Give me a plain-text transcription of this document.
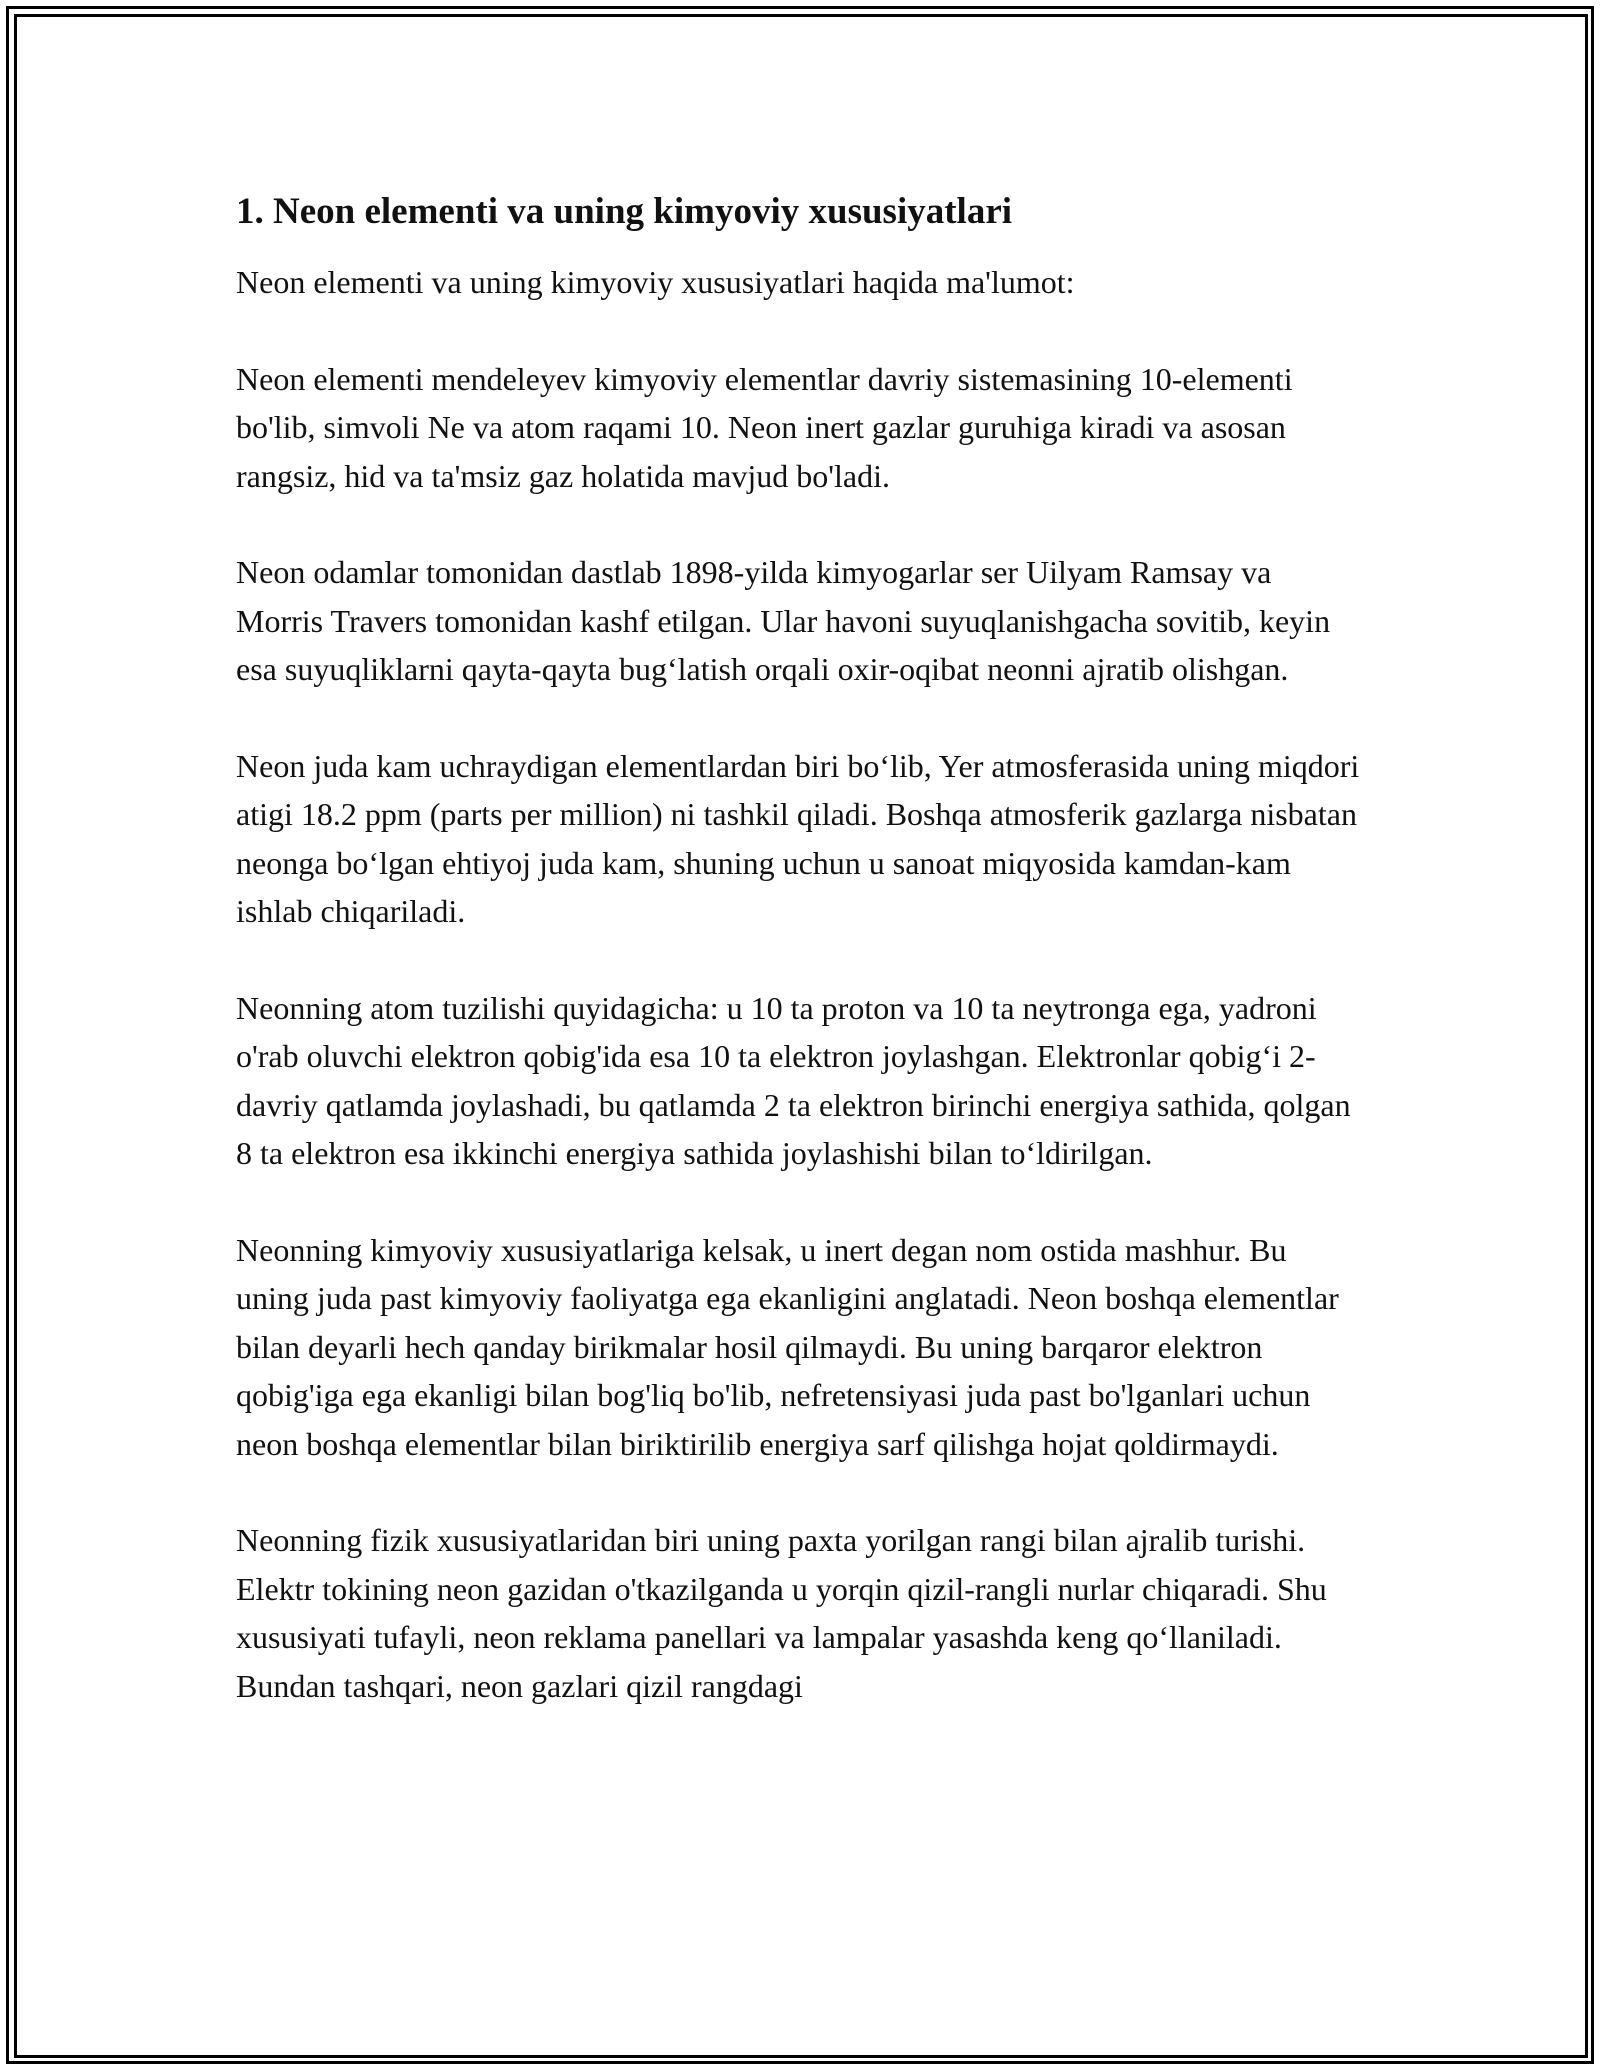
1. Neon elementi va uning kimyoviy xususiyatlari

Neon elementi va uning kimyoviy xususiyatlari haqida ma'lumot:

Neon elementi mendeleyev kimyoviy elementlar davriy sistemasining 10-elementi bo'lib, simvoli Ne va atom raqami 10. Neon inert gazlar guruhiga kiradi va asosan rangsiz, hid va ta'msiz gaz holatida mavjud bo'ladi.

Neon odamlar tomonidan dastlab 1898-yilda kimyogarlar ser Uilyam Ramsay va Morris Travers tomonidan kashf etilgan. Ular havoni suyuqlanishgacha sovitib, keyin esa suyuqliklarni qayta-qayta bug‘latish orqali oxir-oqibat neonni ajratib olishgan.

Neon juda kam uchraydigan elementlardan biri bo‘lib, Yer atmosferasida uning miqdori atigi 18.2 ppm (parts per million) ni tashkil qiladi. Boshqa atmosferik gazlarga nisbatan neonga bo‘lgan ehtiyoj juda kam, shuning uchun u sanoat miqyosida kamdan-kam ishlab chiqariladi.

Neonning atom tuzilishi quyidagicha: u 10 ta proton va 10 ta neytronga ega, yadroni o'rab oluvchi elektron qobig'ida esa 10 ta elektron joylashgan. Elektronlar qobig‘i 2-davriy qatlamda joylashadi, bu qatlamda 2 ta elektron birinchi energiya sathida, qolgan 8 ta elektron esa ikkinchi energiya sathida joylashishi bilan to‘ldirilgan.

Neonning kimyoviy xususiyatlariga kelsak, u inert degan nom ostida mashhur. Bu uning juda past kimyoviy faoliyatga ega ekanligini anglatadi. Neon boshqa elementlar bilan deyarli hech qanday birikmalar hosil qilmaydi. Bu uning barqaror elektron qobig'iga ega ekanligi bilan bog'liq bo'lib, nefretensiyasi juda past bo'lganlari uchun neon boshqa elementlar bilan biriktirilib energiya sarf qilishga hojat qoldirmaydi.

Neonning fizik xususiyatlaridan biri uning paxta yorilgan rangi bilan ajralib turishi. Elektr tokining neon gazidan o'tkazilganda u yorqin qizil-rangli nurlar chiqaradi. Shu xususiyati tufayli, neon reklama panellari va lampalar yasashda keng qo‘llaniladi. Bundan tashqari, neon gazlari qizil rangdagi
